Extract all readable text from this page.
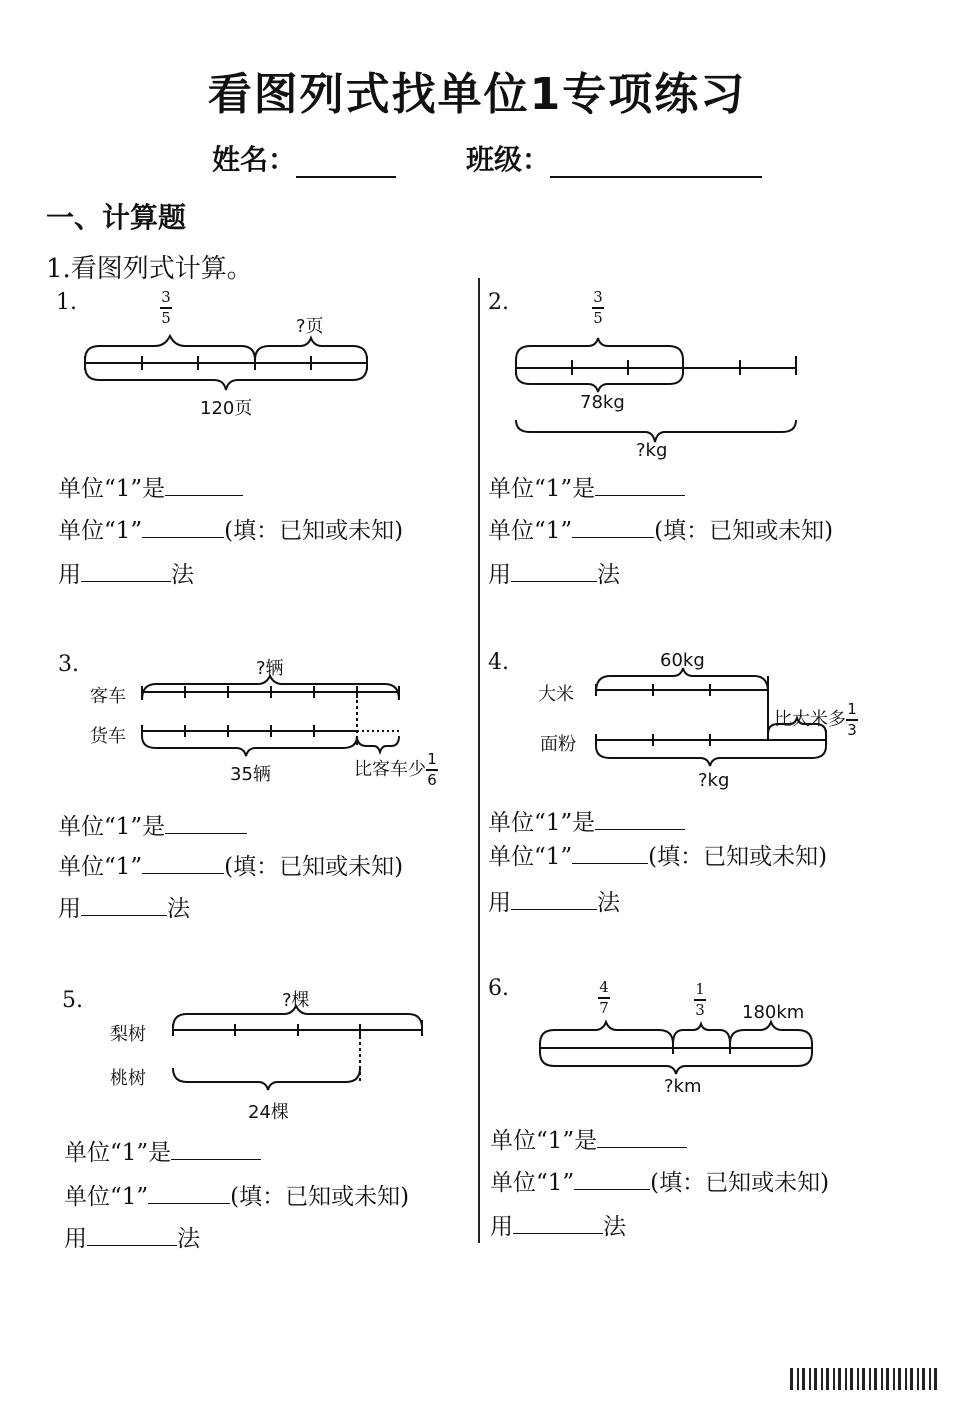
看图列式找单位1专项练习
姓名：	班级：
一、计算题
1.看图列式计算。
1.	$\frac{3}{5}$
?页
120页
单位“1”是
单位“1”	(填：已知或未知)
用	法
2.	$\frac{3}{5}$
78kg
?kg
单位“1”是
单位“1”	(填：已知或未知)
用	法
3.
客车
货车
?辆
35辆	比客车少 $\frac{1}{6}$
单位“1”是
单位“1”	(填：已知或未知)
用	法
4.
大米
面粉
60kg
比大米多 $\frac{1}{3}$
?kg
单位“1”是
单位“1”	(填：已知或未知)
用	法
5.
梨树
桃树
?棵
24棵
单位“1”是
单位“1”	(填：已知或未知)
用	法
6.	$\frac{4}{7}$	$\frac{1}{3} 180km$
?km
单位“1”是
单位“1”	(填：已知或未知)
用	法
